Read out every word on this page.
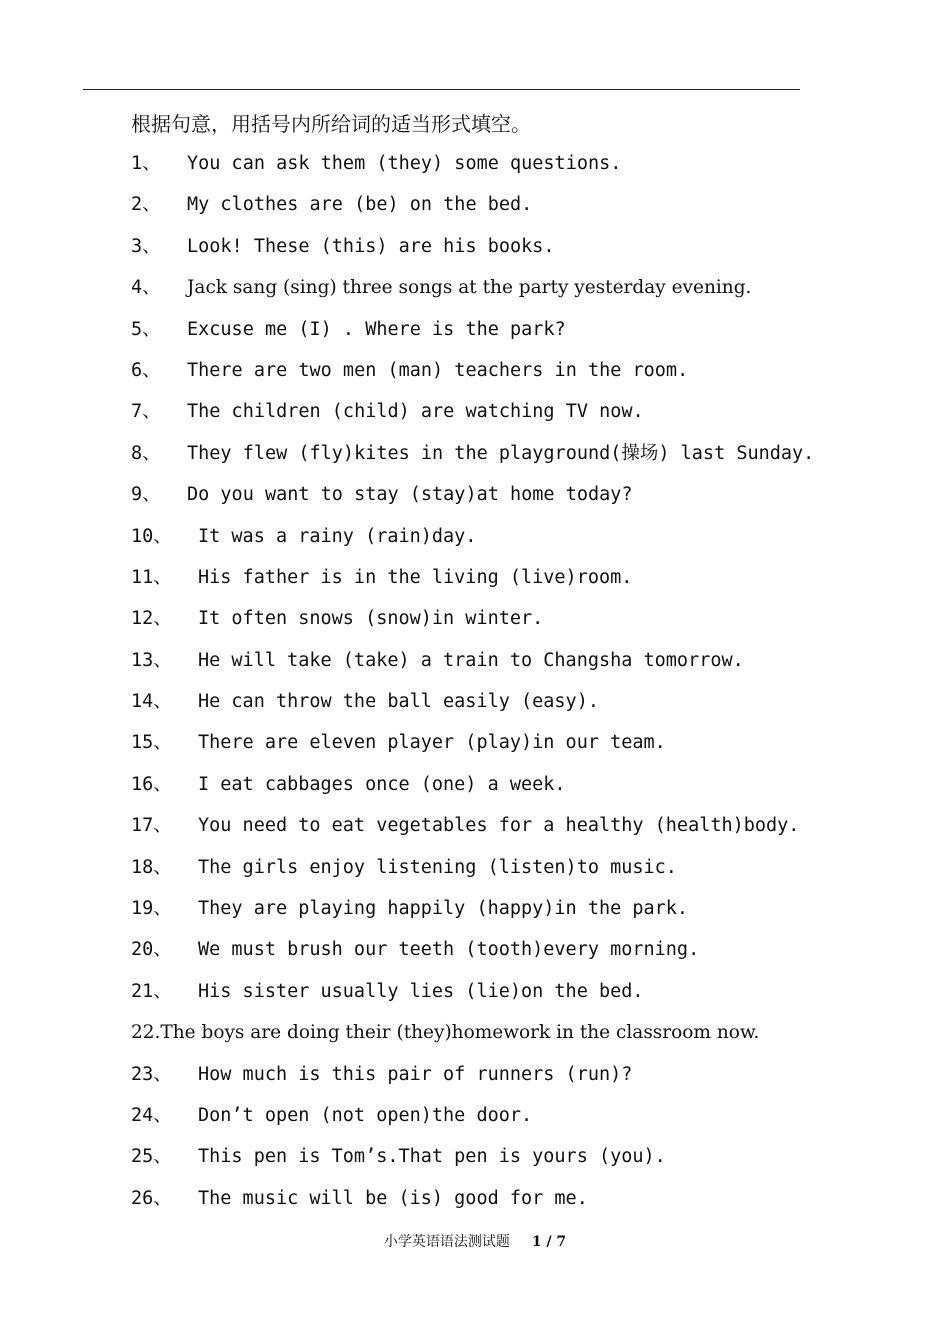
根据句意，用括号内所给词的适当形式填空。
1、	You can ask them (they) some questions.
2、	My clothes are (be) on the bed.
3、	Look! These (this) are his books.
4、	Jack sang (sing) three songs at the party yesterday evening.
5、	Excuse me (I) . Where is the park?
6、	There are two men (man) teachers in the room.
7、	The children (child) are watching TV now.
8、	They flew (fly)kites in the playground(操场) last Sunday.
9、	Do you want to stay (stay)at home today?
10、	It was a rainy (rain)day.
11、	His father is in the living (live)room.
12、	It often snows (snow)in winter.
13、	He will take (take) a train to Changsha tomorrow.
14、	He can throw the ball easily (easy).
15、	There are eleven player (play)in our team.
16、	I eat cabbages once (one) a week.
17、	You need to eat vegetables for a healthy (health)body.
18、	The girls enjoy listening (listen)to music.
19、	They are playing happily (happy)in the park.
20、	We must brush our teeth (tooth)every morning.
21、	His sister usually lies (lie)on the bed.
22.The boys are doing their (they)homework in the classroom now.
23、	How much is this pair of runners (run)?
24、	Don’t open (not open)the door.
25、	This pen is Tom’s.That pen is yours (you).
26、	The music will be (is) good for me.
小学英语语法测试题 1 / 7
